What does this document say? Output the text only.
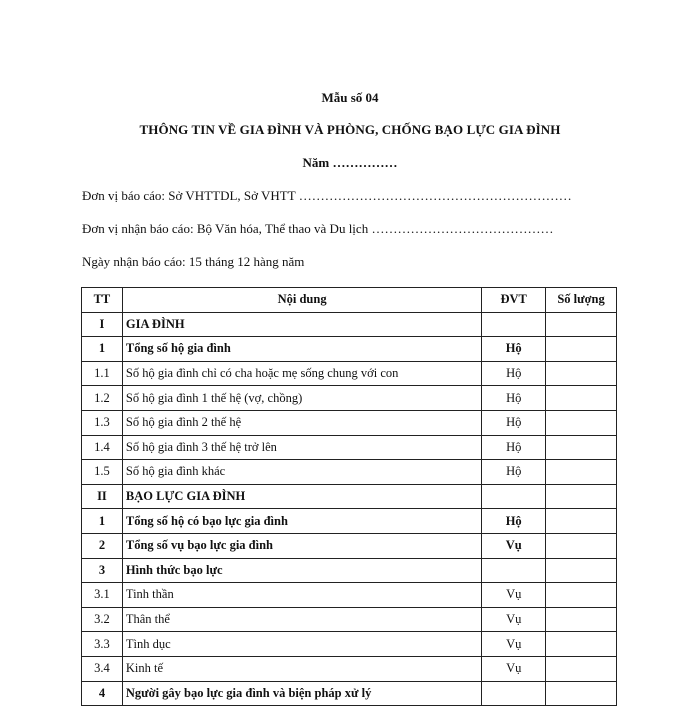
Mẫu số 04
THÔNG TIN VỀ GIA ĐÌNH VÀ PHÒNG, CHỐNG BẠO LỰC GIA ĐÌNH
Năm ……………
Đơn vị báo cáo: Sở VHTTDL, Sở VHTT ………………………………………………………
Đơn vị nhận báo cáo: Bộ Văn hóa, Thể thao và Du lịch ……………………………………
Ngày nhận báo cáo: 15 tháng 12 hàng năm
TT	Nội dung	ĐVT	Số lượng
I	GIA ĐÌNH		
1	Tổng số hộ gia đình	Hộ	
1.1	Số hộ gia đình chỉ có cha hoặc mẹ sống chung với con	Hộ	
1.2	Số hộ gia đình 1 thế hệ (vợ, chồng)	Hộ	
1.3	Số hộ gia đình 2 thế hệ	Hộ	
1.4	Số hộ gia đình 3 thế hệ trở lên	Hộ	
1.5	Số hộ gia đình khác	Hộ	
II	BẠO LỰC GIA ĐÌNH		
1	Tổng số hộ có bạo lực gia đình	Hộ	
2	Tổng số vụ bạo lực gia đình	Vụ	
3	Hình thức bạo lực		
3.1	Tinh thần	Vụ	
3.2	Thân thể	Vụ	
3.3	Tình dục	Vụ	
3.4	Kinh tế	Vụ	
4	Người gây bạo lực gia đình và biện pháp xử lý		
